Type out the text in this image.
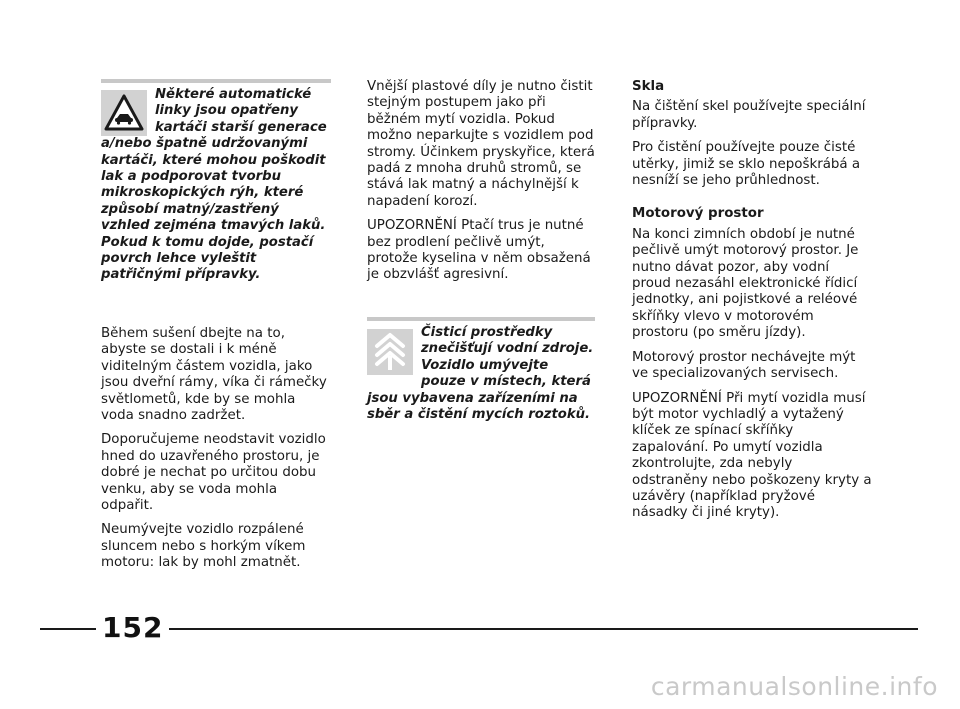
Některé automatické linky jsou opatřeny kartáči starší generace a/nebo špatně udržovanými kartáči, které mohou poškodit lak a podporovat tvorbu mikroskopických rýh, které způsobí matný/zastřený vzhled zejména tmavých laků. Pokud k tomu dojde, postačí povrch lehce vyleštit patřičnými přípravky.

Během sušení dbejte na to, abyste se dostali i k méně viditelným částem vozidla, jako jsou dveřní rámy, víka či rámečky světlometů, kde by se mohla voda snadno zadržet.

Doporučujeme neodstavit vozidlo hned do uzavřeného prostoru, je dobré je nechat po určitou dobu venku, aby se voda mohla odpařit.

Neumývejte vozidlo rozpálené sluncem nebo s horkým víkem motoru: lak by mohl zmatnět.

Vnější plastové díly je nutno čistit stejným postupem jako při běžném mytí vozidla. Pokud možno neparkujte s vozidlem pod stromy. Účinkem pryskyřice, která padá z mnoha druhů stromů, se stává lak matný a náchylnější k napadení korozí.

UPOZORNĚNÍ Ptačí trus je nutné bez prodlení pečlivě umýt, protože kyselina v něm obsažená je obzvlášť agresivní.

Čisticí prostředky znečišťují vodní zdroje. Vozidlo umývejte pouze v místech, která jsou vybavena zařízeními na sběr a čistění mycích roztoků.

Skla

Na čištění skel používejte speciální přípravky.

Pro čistění používejte pouze čisté utěrky, jimiž se sklo nepoškrábá a nesníží se jeho průhlednost.

Motorový prostor

Na konci zimních období je nutné pečlivě umýt motorový prostor. Je nutno dávat pozor, aby vodní proud nezasáhl elektronické řídicí jednotky, ani pojistkové a reléové skříňky vlevo v motorovém prostoru (po směru jízdy).

Motorový prostor nechávejte mýt ve specializovaných servisech.

UPOZORNĚNÍ Při mytí vozidla musí být motor vychladlý a vytažený klíček ze spínací skříňky zapalování. Po umytí vozidla zkontrolujte, zda nebyly odstraněny nebo poškozeny kryty a uzávěry (například pryžové násadky či jiné kryty).

152
carmanualsonline.info
